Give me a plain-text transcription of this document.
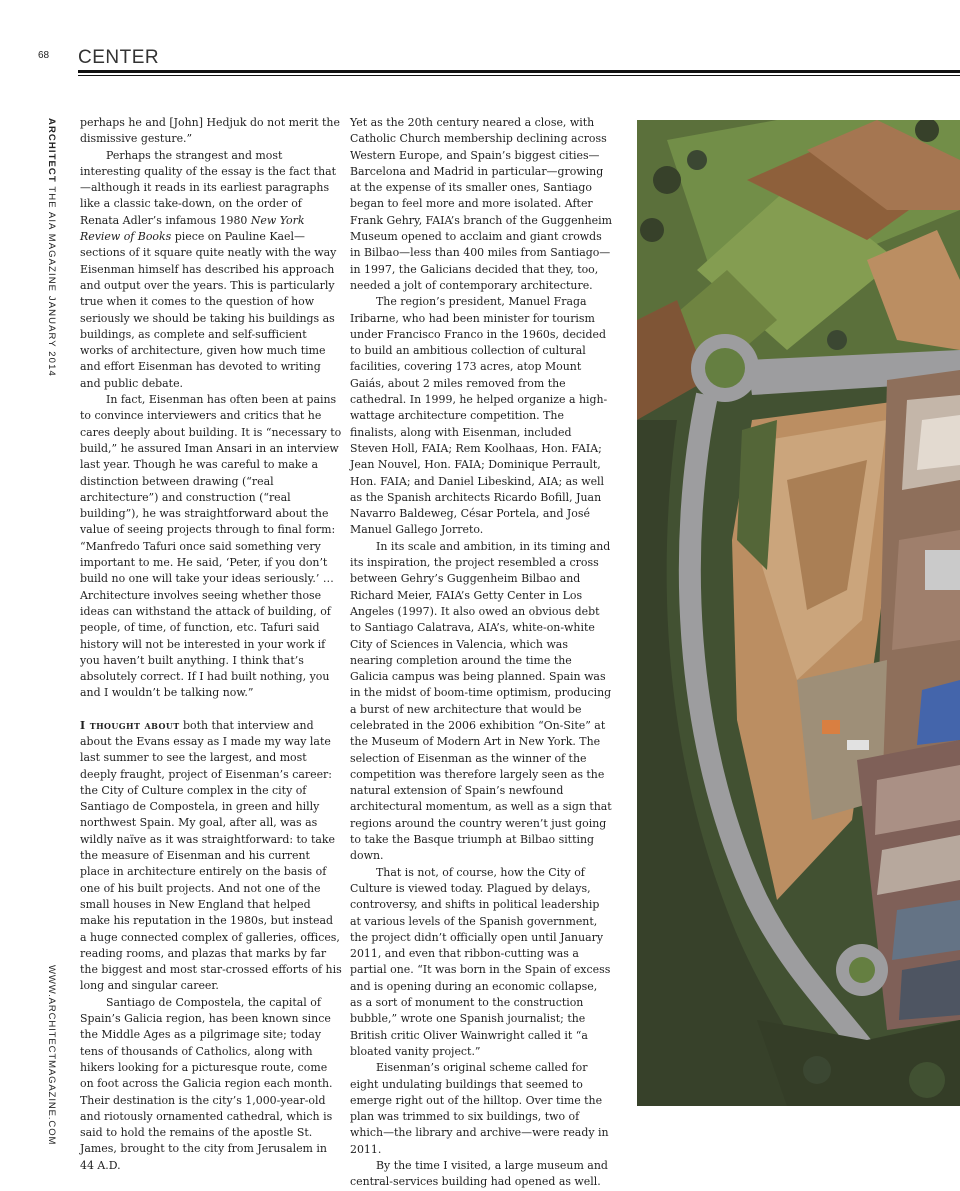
68 CENTER
ARCHITECT THE AIA MAGAZINE JANUARY 2014
WWW.ARCHITECTMAGAZINE.COM

perhaps he and [John] Hedjuk do not merit the dismissive gesture.”

Perhaps the strangest and most interesting quality of the essay is the fact that—although it reads in its earliest paragraphs like a classic take-down, on the order of Renata Adler’s infamous 1980 New York Review of Books piece on Pauline Kael—sections of it square quite neatly with the way Eisenman himself has described his approach and output over the years. This is particularly true when it comes to the question of how seriously we should be taking his buildings as buildings, as complete and self-sufficient works of architecture, given how much time and effort Eisenman has devoted to writing and public debate.

In fact, Eisenman has often been at pains to convince interviewers and critics that he cares deeply about building. It is “necessary to build,” he assured Iman Ansari in an interview last year. Though he was careful to make a distinction between drawing (“real architecture”) and construction (“real building”), he was straightforward about the value of seeing projects through to final form: “Manfredo Tafuri once said something very important to me. He said, ‘Peter, if you don’t build no one will take your ideas seriously.’ … Architecture involves seeing whether those ideas can withstand the attack of building, of people, of time, of function, etc. Tafuri said history will not be interested in your work if you haven’t built anything. I think that’s absolutely correct. If I had built nothing, you and I wouldn’t be talking now.”

I thought about both that interview and about the Evans essay as I made my way late last summer to see the largest, and most deeply fraught, project of Eisenman’s career: the City of Culture complex in the city of Santiago de Compostela, in green and hilly northwest Spain. My goal, after all, was as wildly naïve as it was straightforward: to take the measure of Eisenman and his current place in architecture entirely on the basis of one of his built projects. And not one of the small houses in New England that helped make his reputation in the 1980s, but instead a huge connected complex of galleries, offices, reading rooms, and plazas that marks by far the biggest and most star-crossed efforts of his long and singular career.

Santiago de Compostela, the capital of Spain’s Galicia region, has been known since the Middle Ages as a pilgrimage site; today tens of thousands of Catholics, along with hikers looking for a picturesque route, come on foot across the Galicia region each month. Their destination is the city’s 1,000-year-old and riotously ornamented cathedral, which is said to hold the remains of the apostle St. James, brought to the city from Jerusalem in 44 A.D.

Yet as the 20th century neared a close, with Catholic Church membership declining across Western Europe, and Spain’s biggest cities—Barcelona and Madrid in particular—growing at the expense of its smaller ones, Santiago began to feel more and more isolated. After Frank Gehry, FAIA’s branch of the Guggenheim Museum opened to acclaim and giant crowds in Bilbao—less than 400 miles from Santiago—in 1997, the Galicians decided that they, too, needed a jolt of contemporary architecture.

The region’s president, Manuel Fraga Iribarne, who had been minister for tourism under Francisco Franco in the 1960s, decided to build an ambitious collection of cultural facilities, covering 173 acres, atop Mount Gaiás, about 2 miles removed from the cathedral. In 1999, he helped organize a high-wattage architecture competition. The finalists, along with Eisenman, included Steven Holl, FAIA; Rem Koolhaas, Hon. FAIA; Jean Nouvel, Hon. FAIA; Dominique Perrault, Hon. FAIA; and Daniel Libeskind, AIA; as well as the Spanish architects Ricardo Bofill, Juan Navarro Baldeweg, César Portela, and José Manuel Gallego Jorreto.

In its scale and ambition, in its timing and its inspiration, the project resembled a cross between Gehry’s Guggenheim Bilbao and Richard Meier, FAIA’s Getty Center in Los Angeles (1997). It also owed an obvious debt to Santiago Calatrava, AIA’s, white-on-white City of Sciences in Valencia, which was nearing completion around the time the Galicia campus was being planned. Spain was in the midst of boom-time optimism, producing a burst of new architecture that would be celebrated in the 2006 exhibition “On-Site” at the Museum of Modern Art in New York. The selection of Eisenman as the winner of the competition was therefore largely seen as the natural extension of Spain’s newfound architectural momentum, as well as a sign that regions around the country weren’t just going to take the Basque triumph at Bilbao sitting down.

That is not, of course, how the City of Culture is viewed today. Plagued by delays, controversy, and shifts in political leadership at various levels of the Spanish government, the project didn’t officially open until January 2011, and even that ribbon-cutting was a partial one. “It was born in the Spain of excess and is opening during an economic collapse, as a sort of monument to the construction bubble,” wrote one Spanish journalist; the British critic Oliver Wainwright called it “a bloated vanity project.”

Eisenman’s original scheme called for eight undulating buildings that seemed to emerge right out of the hilltop. Over time the plan was trimmed to six buildings, two of which—the library and archive—were ready in 2011.

By the time I visited, a large museum and central-services building had opened as well.
